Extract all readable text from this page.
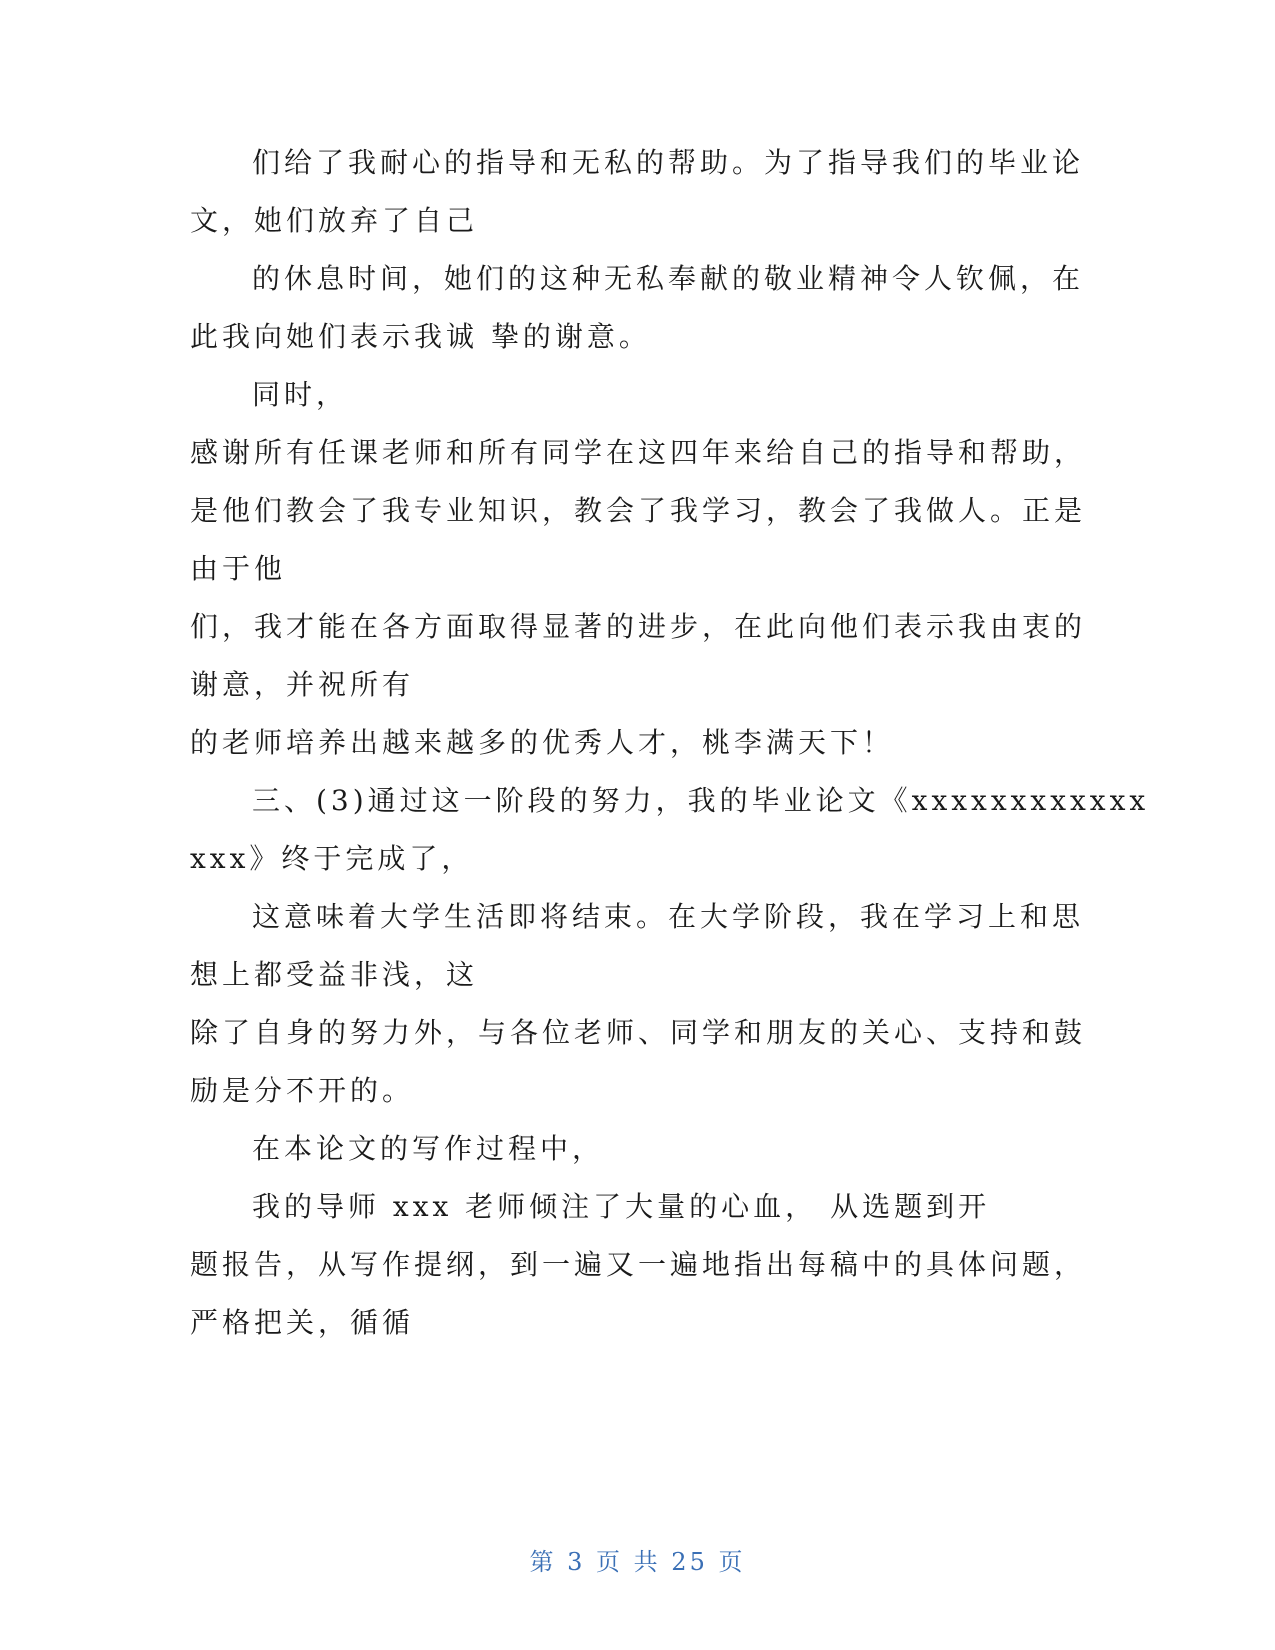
们给了我耐心的指导和无私的帮助。为了指导我们的毕业论
文，她们放弃了自己
的休息时间，她们的这种无私奉献的敬业精神令人钦佩，在
此我向她们表示我诚 挚的谢意。
同时，
感谢所有任课老师和所有同学在这四年来给自己的指导和帮助，
是他们教会了我专业知识，教会了我学习，教会了我做人。正是
由于他
们，我才能在各方面取得显著的进步，在此向他们表示我由衷的
谢意，并祝所有
的老师培养出越来越多的优秀人才，桃李满天下！
三、(3)通过这一阶段的努力，我的毕业论文《xxxxxxxxxxxx
xxx》终于完成了，
这意味着大学生活即将结束。在大学阶段，我在学习上和思
想上都受益非浅，这
除了自身的努力外，与各位老师、同学和朋友的关心、支持和鼓
励是分不开的。
在本论文的写作过程中，
我的导师 xxx 老师倾注了大量的心血， 从选题到开
题报告，从写作提纲，到一遍又一遍地指出每稿中的具体问题，
严格把关，循循
第 3 页 共 25 页
